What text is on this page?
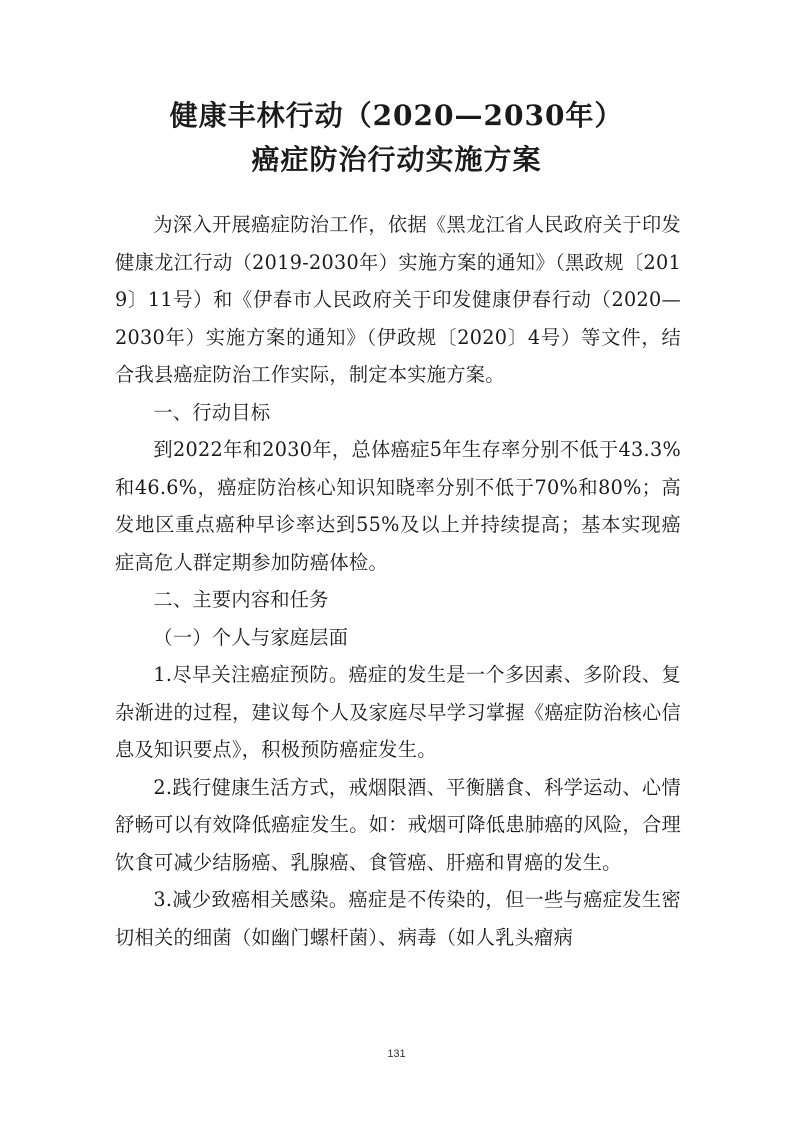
健康丰林行动（2020—2030年）
癌症防治行动实施方案

为深入开展癌症防治工作，依据《黑龙江省人民政府关于印发健康龙江行动（2019-2030年）实施方案的通知》（黑政规〔2019〕11号）和《伊春市人民政府关于印发健康伊春行动（2020—2030年）实施方案的通知》（伊政规〔2020〕4号）等文件，结合我县癌症防治工作实际，制定本实施方案。

一、行动目标

到2022年和2030年，总体癌症5年生存率分别不低于43.3%和46.6%，癌症防治核心知识知晓率分别不低于70%和80%；高发地区重点癌种早诊率达到55%及以上并持续提高；基本实现癌症高危人群定期参加防癌体检。

二、主要内容和任务

（一）个人与家庭层面

1.尽早关注癌症预防。癌症的发生是一个多因素、多阶段、复杂渐进的过程，建议每个人及家庭尽早学习掌握《癌症防治核心信息及知识要点》，积极预防癌症发生。

2.践行健康生活方式，戒烟限酒、平衡膳食、科学运动、心情舒畅可以有效降低癌症发生。如：戒烟可降低患肺癌的风险，合理饮食可减少结肠癌、乳腺癌、食管癌、肝癌和胃癌的发生。

3.减少致癌相关感染。癌症是不传染的，但一些与癌症发生密切相关的细菌（如幽门螺杆菌）、病毒（如人乳头瘤病

131
